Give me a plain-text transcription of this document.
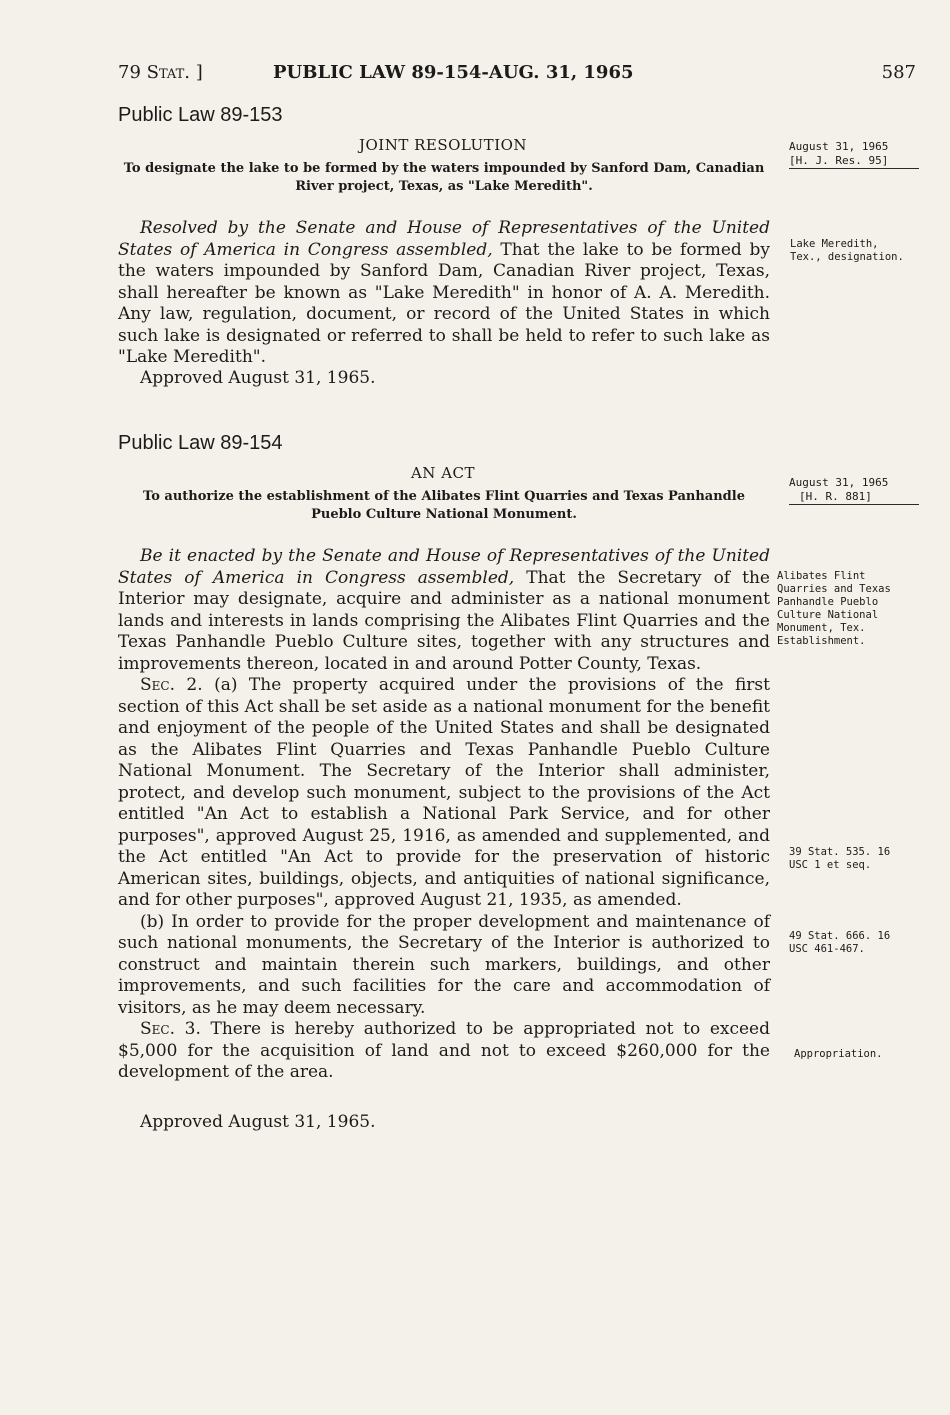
79 Stat. ]	PUBLIC LAW 89-154-AUG. 31, 1965	587
Public Law 89-153
JOINT RESOLUTION
To designate the lake to be formed by the waters impounded by Sanford Dam, Canadian River project, Texas, as "Lake Meredith".
August 31, 1965
[H. J. Res. 95]

Resolved by the Senate and House of Representatives of the United States of America in Congress assembled, That the lake to be formed by the waters impounded by Sanford Dam, Canadian River project, Texas, shall hereafter be known as "Lake Meredith" in honor of A. A. Meredith. Any law, regulation, document, or record of the United States in which such lake is designated or referred to shall be held to refer to such lake as "Lake Meredith".

Lake Meredith, Tex., designation.
Approved August 31, 1965.
Public Law 89-154
AN ACT
To authorize the establishment of the Alibates Flint Quarries and Texas Panhandle Pueblo Culture National Monument.
August 31, 1965
[H. R. 881]

Be it enacted by the Senate and House of Representatives of the United States of America in Congress assembled, That the Secretary of the Interior may designate, acquire and administer as a national monument lands and interests in lands comprising the Alibates Flint Quarries and the Texas Panhandle Pueblo Culture sites, together with any structures and improvements thereon, located in and around Potter County, Texas.

Sec. 2. (a) The property acquired under the provisions of the first section of this Act shall be set aside as a national monument for the benefit and enjoyment of the people of the United States and shall be designated as the Alibates Flint Quarries and Texas Panhandle Pueblo Culture National Monument. The Secretary of the Interior shall administer, protect, and develop such monument, subject to the provisions of the Act entitled "An Act to establish a National Park Service, and for other purposes", approved August 25, 1916, as amended and supplemented, and the Act entitled "An Act to provide for the preservation of historic American sites, buildings, objects, and antiquities of national significance, and for other purposes", approved August 21, 1935, as amended.

(b) In order to provide for the proper development and maintenance of such national monuments, the Secretary of the Interior is authorized to construct and maintain therein such markers, buildings, and other improvements, and such facilities for the care and accommodation of visitors, as he may deem necessary.

Sec. 3. There is hereby authorized to be appropriated not to exceed $5,000 for the acquisition of land and not to exceed $260,000 for the development of the area.

Alibates Flint Quarries and Texas Panhandle Pueblo Culture National Monument, Tex. Establishment.
39 Stat. 535. 16 USC 1 et seq.
49 Stat. 666. 16 USC 461-467.
Appropriation.
Approved August 31, 1965.
